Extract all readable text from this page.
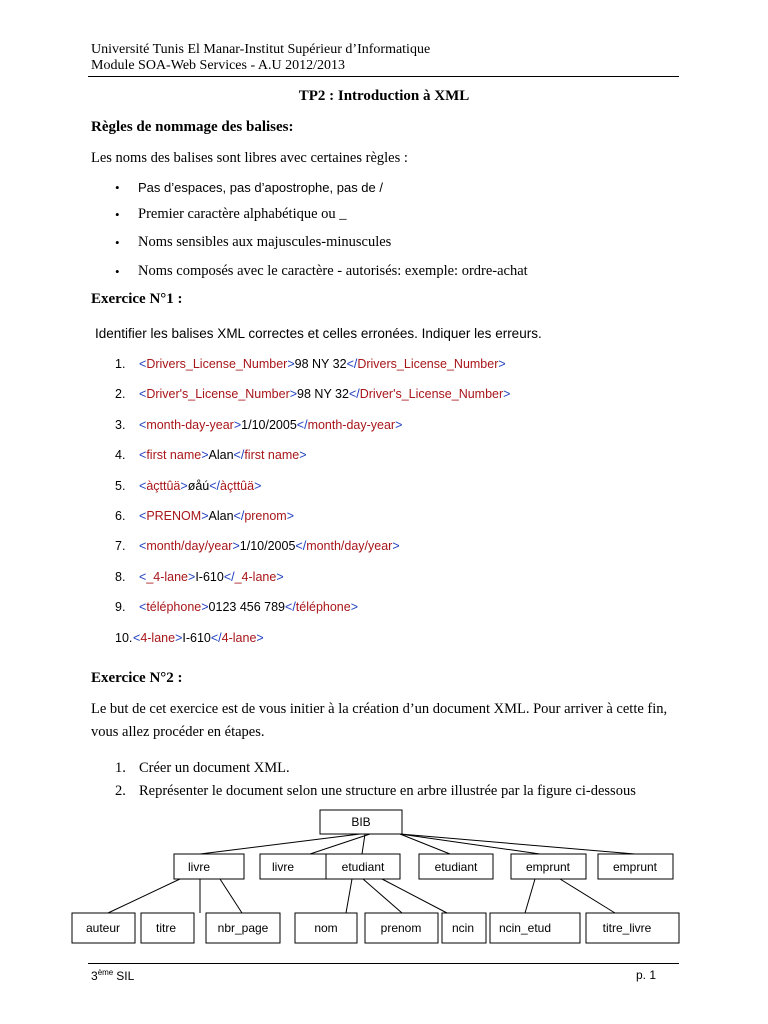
Université Tunis El Manar-Institut Supérieur d’Informatique
Module SOA-Web Services - A.U 2012/2013
TP2 : Introduction à XML
Règles de nommage des balises:
Les noms des balises sont libres avec certaines règles :
• Pas d’espaces, pas d’apostrophe, pas de /
• Premier caractère alphabétique ou _
• Noms sensibles aux majuscules-minuscules
• Noms composés avec le caractère - autorisés: exemple: ordre-achat
Exercice N°1 :
Identifier les balises XML correctes et celles erronées. Indiquer les erreurs.
1. <Drivers_License_Number>98 NY 32</Drivers_License_Number>
2. <Driver's_License_Number>98 NY 32</Driver's_License_Number>
3. <month-day-year>1/10/2005</month-day-year>
4. <first name>Alan</first name>
5. <àçttûä>øåú</àçttûä>
6. <PRENOM>Alan</prenom>
7. <month/day/year>1/10/2005</month/day/year>
8. <_4-lane>I-610</_4-lane>
9. <téléphone>0123 456 789</téléphone>
10. <4-lane>I-610</4-lane>
Exercice N°2 :
Le but de cet exercice est de vous initier à la création d’un document XML. Pour arriver à cette fin,
vous allez procéder en étapes.
1. Créer un document XML.
2. Représenter le document selon une structure en arbre illustrée par la figure ci-dessous
BIB
livre	livre	etudiant	etudiant	emprunt	emprunt
auteur	titre	nbr_page	nom	prenom	ncin ncin_etud	titre_livre
3ème SIL	p. 1
